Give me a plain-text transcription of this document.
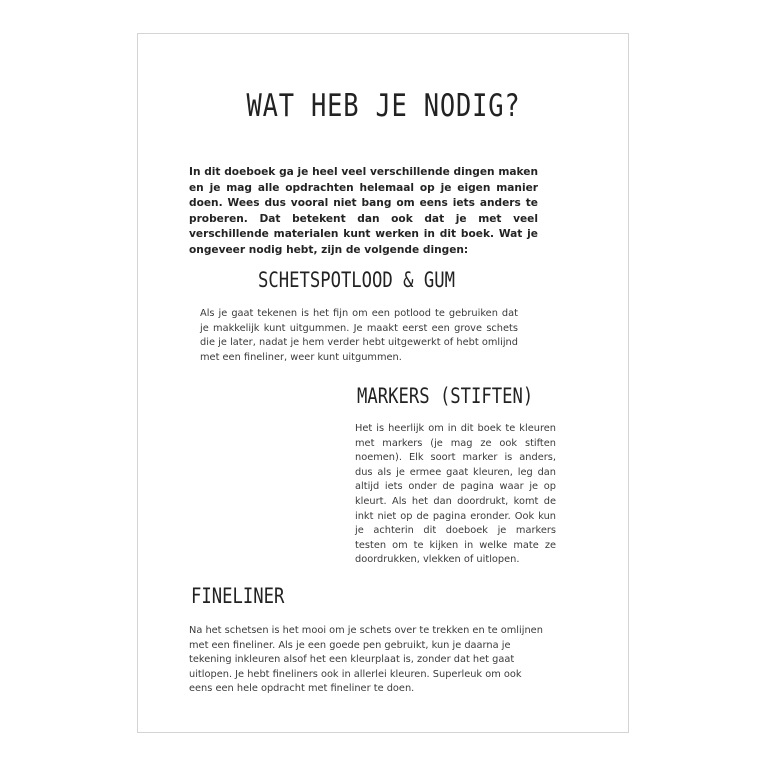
WAT HEB JE NODIG?

In dit doeboek ga je heel veel verschillende dingen maken en je mag alle opdrachten helemaal op je eigen manier doen. Wees dus vooral niet bang om eens iets anders te proberen. Dat betekent dan ook dat je met veel verschillende materialen kunt werken in dit boek. Wat je ongeveer nodig hebt, zijn de volgende dingen:

SCHETSPOTLOOD & GUM

Als je gaat tekenen is het fijn om een potlood te gebruiken dat je makkelijk kunt uitgummen. Je maakt eerst een grove schets die je later, nadat je hem verder hebt uitgewerkt of hebt omlijnd met een fineliner, weer kunt uitgummen.

MARKERS (STIFTEN)

Het is heerlijk om in dit boek te kleuren met markers (je mag ze ook stiften noemen). Elk soort marker is anders, dus als je ermee gaat kleuren, leg dan altijd iets onder de pagina waar je op kleurt. Als het dan doordrukt, komt de inkt niet op de pagina eronder. Ook kun je achterin dit doeboek je markers testen om te kijken in welke mate ze doordrukken, vlekken of uitlopen.

FINELINER

Na het schetsen is het mooi om je schets over te trekken en te omlijnen met een fineliner. Als je een goede pen gebruikt, kun je daarna je tekening inkleuren alsof het een kleurplaat is, zonder dat het gaat uitlopen. Je hebt fineliners ook in allerlei kleuren. Superleuk om ook eens een hele opdracht met fineliner te doen.
